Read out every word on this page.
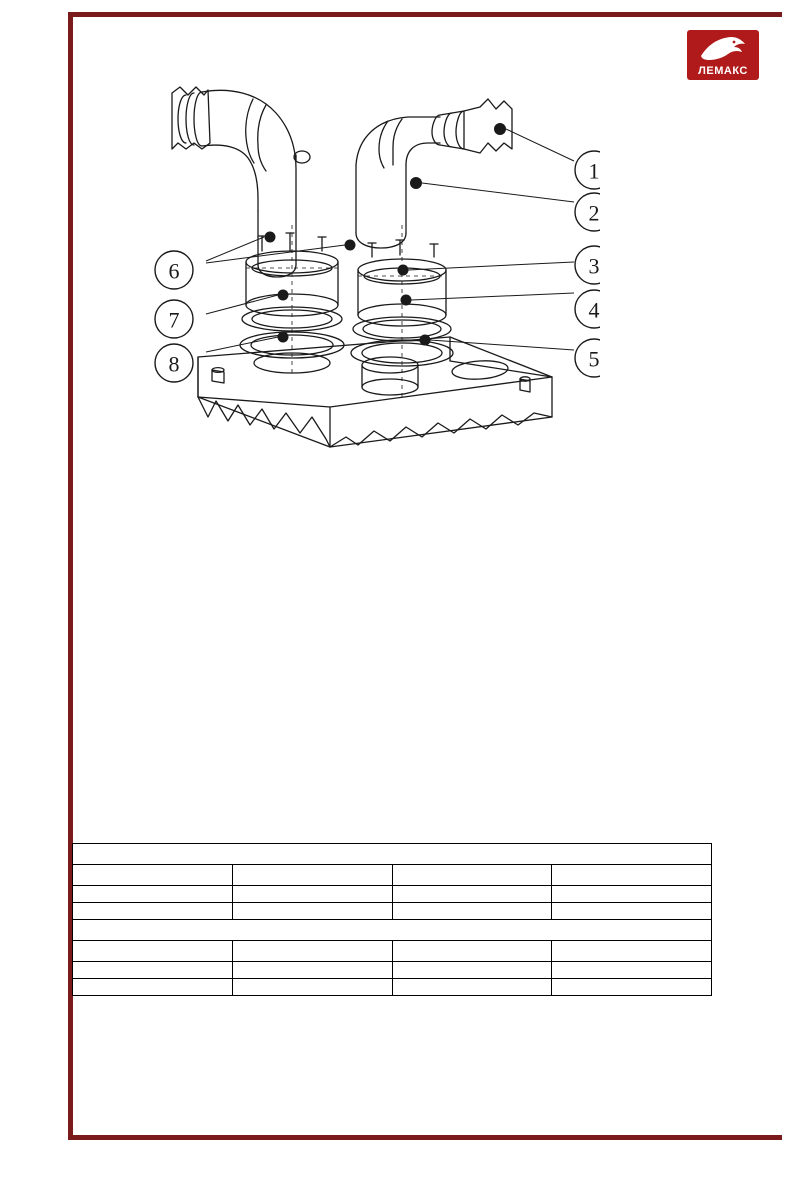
ЛЕМАКС
1
2
3
4
5
6
7
8
